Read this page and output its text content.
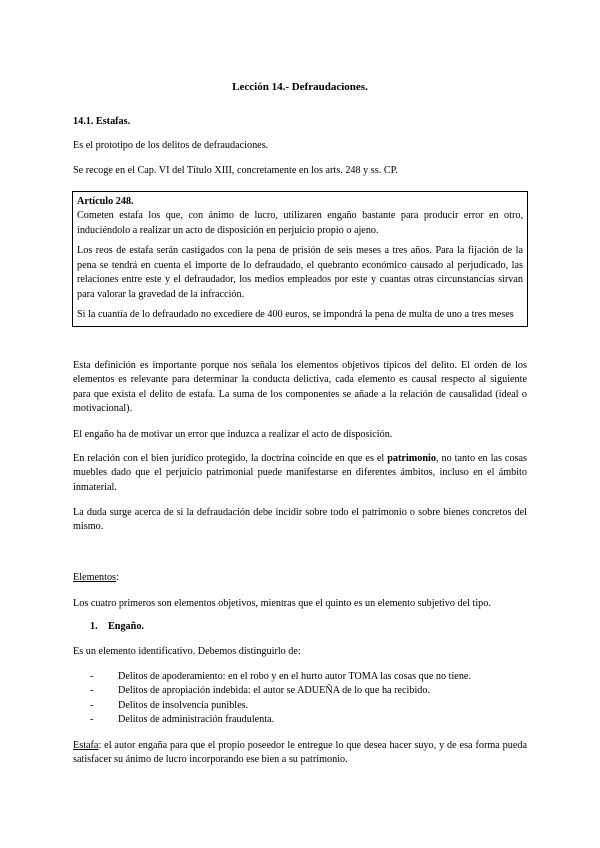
Lección 14.- Defraudaciones.
14.1. Estafas.
Es el prototipo de los delitos de defraudaciones.
Se recoge en el Cap. VI del Título XIII, concretamente en los arts. 248 y ss. CP.

Artículo 248.
Cometen estafa los que, con ánimo de lucro, utilizaren engaño bastante para producir error en otro, induciéndolo a realizar un acto de disposición en perjuicio propio o ajeno.

Los reos de estafa serán castigados con la pena de prisión de seis meses a tres años. Para la fijación de la pena se tendrá en cuenta el importe de lo defraudado, el quebranto económico causado al perjudicado, las relaciones entre este y el defraudador, los medios empleados por este y cuantas otras circunstancias sirvan para valorar la gravedad de la infracción.

Si la cuantía de lo defraudado no excediere de 400 euros, se impondrá la pena de multa de uno a tres meses

Esta definición es importante porque nos señala los elementos objetivos típicos del delito. El orden de los elementos es relevante para determinar la conducta delictiva, cada elemento es causal respecto al siguiente para que exista el delito de estafa. La suma de los componentes se añade a la relación de causalidad (ideal o motivacional).
El engaño ha de motivar un error que induzca a realizar el acto de disposición.
En relación con el bien jurídico protegido, la doctrina coincide en que es el patrimonio, no tanto en las cosas muebles dado que el perjuicio patrimonial puede manifestarse en diferentes ámbitos, incluso en el ámbito inmaterial.
La duda surge acerca de si la defraudación debe incidir sobre todo el patrimonio o sobre bienes concretos del mismo.
Elementos:
Los cuatro primeros son elementos objetivos, mientras que el quinto es un elemento subjetivo del tipo.
1. Engaño.
Es un elemento identificativo. Debemos distinguirlo de:
-	Delitos de apoderamiento: en el robo y en el hurto autor TOMA las cosas que no tiene.
-	Delitos de apropiación indebida: el autor se ADUEÑA de lo que ha recibido.
-	Delitos de insolvencia punibles.
-	Delitos de administración fraudulenta.
Estafa: el autor engaña para que el propio poseedor le entregue lo que desea hacer suyo, y de esa forma pueda satisfacer su ánimo de lucro incorporando ese bien a su patrimonio.
